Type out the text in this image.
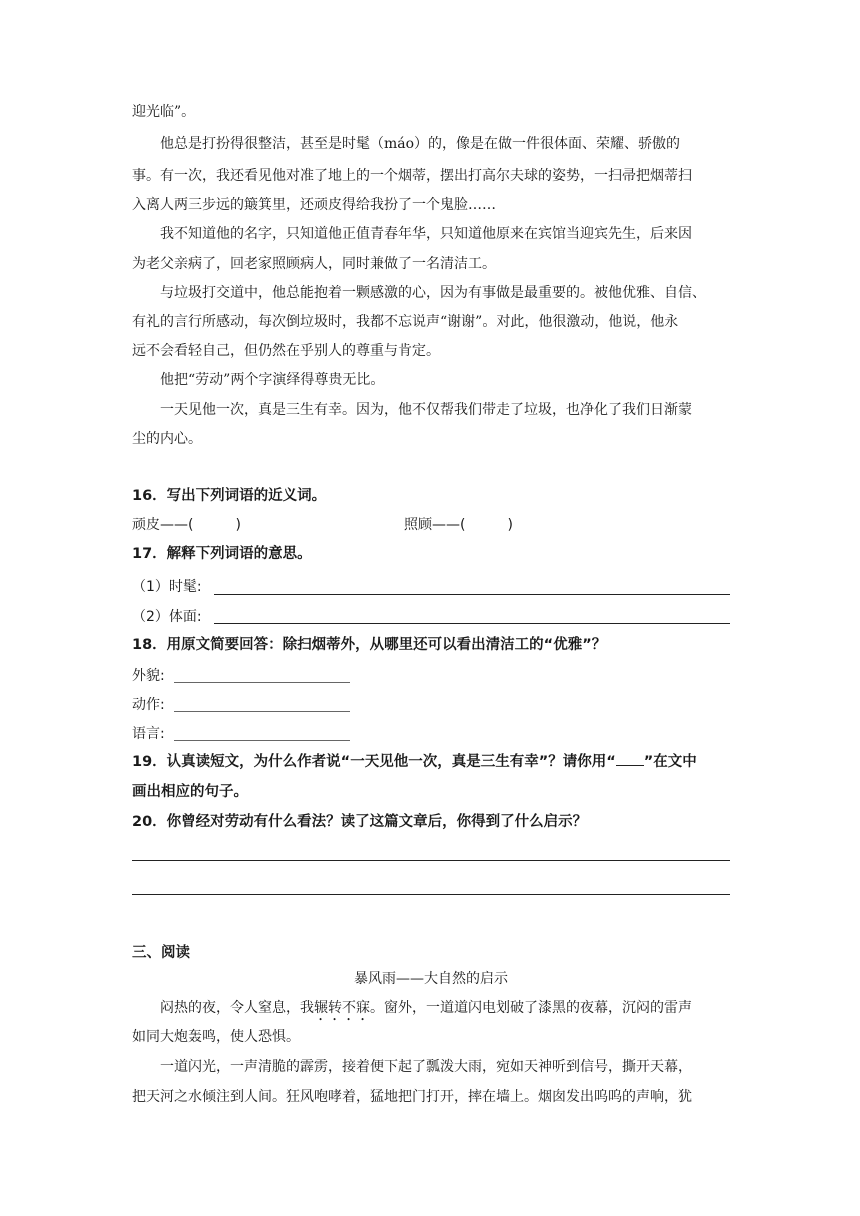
迎光临”。
他总是打扮得很整洁，甚至是时髦（máo）的，像是在做一件很体面、荣耀、骄傲的
事。有一次，我还看见他对准了地上的一个烟蒂，摆出打高尔夫球的姿势，一扫帚把烟蒂扫
入离人两三步远的簸箕里，还顽皮得给我扮了一个鬼脸……
我不知道他的名字，只知道他正值青春年华，只知道他原来在宾馆当迎宾先生，后来因
为老父亲病了，回老家照顾病人，同时兼做了一名清洁工。
与垃圾打交道中，他总能抱着一颗感激的心，因为有事做是最重要的。被他优雅、自信、
有礼的言行所感动，每次倒垃圾时，我都不忘说声“谢谢”。对此，他很激动，他说，他永
远不会看轻自己，但仍然在乎别人的尊重与肯定。
他把“劳动”两个字演绎得尊贵无比。
一天见他一次，真是三生有幸。因为，他不仅帮我们带走了垃圾，也净化了我们日渐蒙
尘的内心。
16．写出下列词语的近义词。
顽皮——(　　　)	照顾——(　　　)
17．解释下列词语的意思。
（1）时髦:
（2）体面:
18．用原文简要回答：除扫烟蒂外，从哪里还可以看出清洁工的“优雅”？
外貌:
动作:
语言:
19．认真读短文，为什么作者说“一天见他一次，真是三生有幸”？请你用“ ”在文中
画出相应的句子。
20．你曾经对劳动有什么看法？读了这篇文章后，你得到了什么启示？
三、阅读
暴风雨——大自然的启示
闷热的夜，令人窒息，我辗转不寐。窗外，一道道闪电划破了漆黑的夜幕，沉闷的雷声
如同大炮轰鸣，使人恐惧。
一道闪光，一声清脆的霹雳，接着便下起了瓢泼大雨，宛如天神听到信号，撕开天幕，
把天河之水倾注到人间。狂风咆哮着，猛地把门打开，摔在墙上。烟囱发出呜呜的声响，犹
